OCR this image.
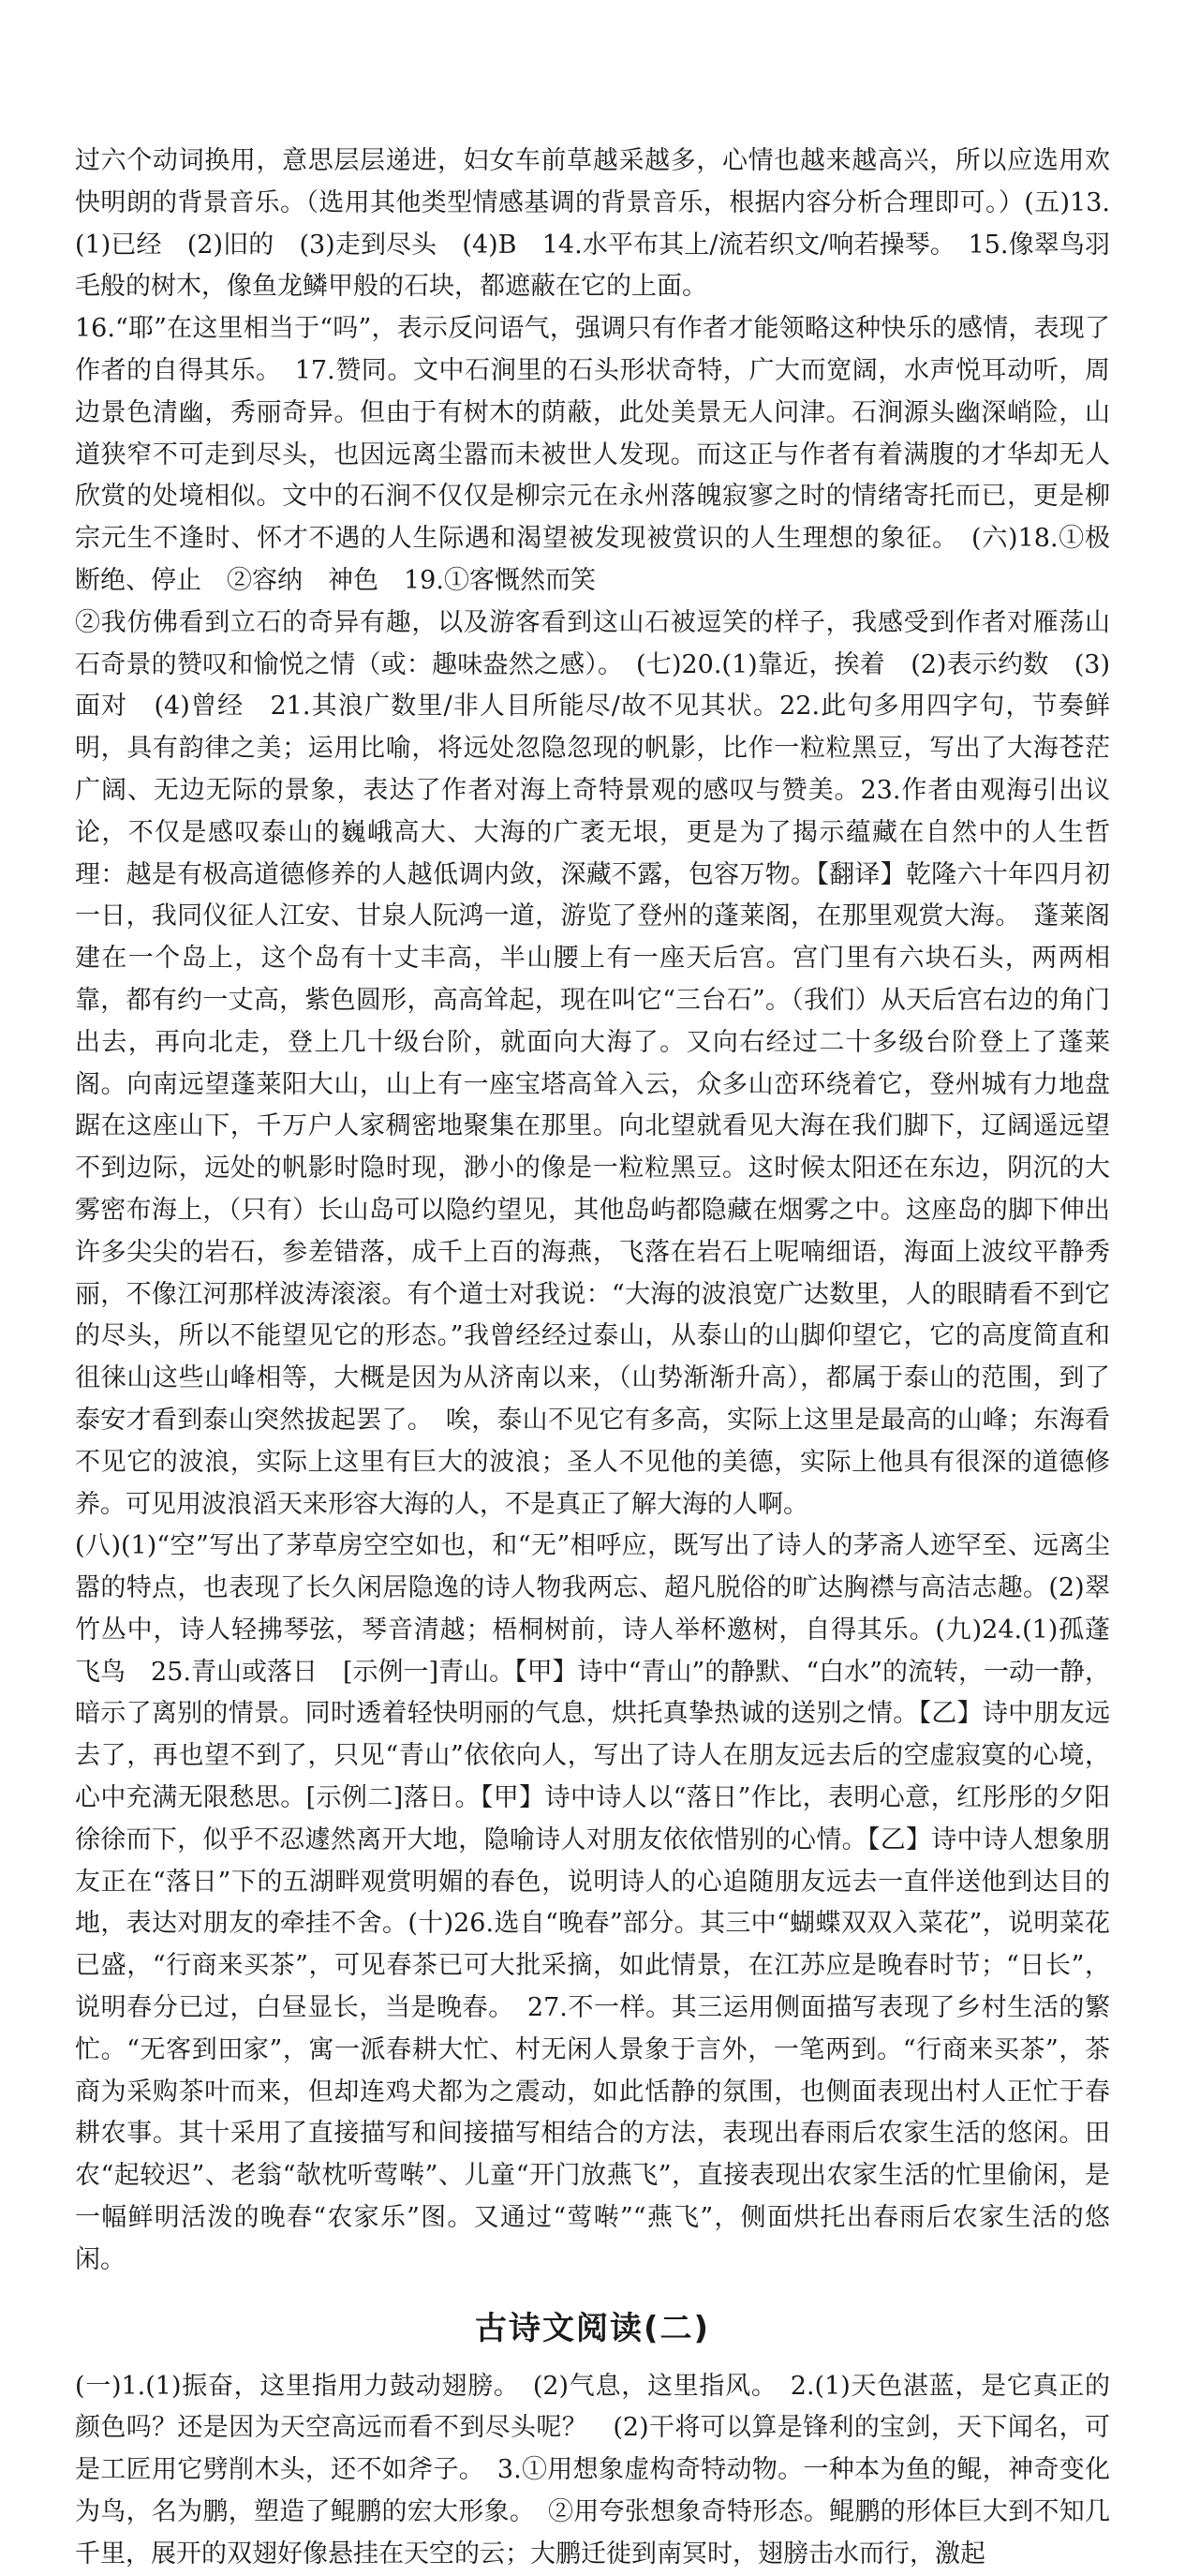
过六个动词换用，意思层层递进，妇女车前草越采越多，心情也越来越高兴，所以应选用欢快明朗的背景音乐。（选用其他类型情感基调的背景音乐，根据内容分析合理即可。）(五)13.(1)已经　(2)旧的　(3)走到尽头　(4)B　14.水平布其上/流若织文/响若操琴。　15.像翠鸟羽毛般的树木，像鱼龙鳞甲般的石块，都遮蔽在它的上面。

16.“耶”在这里相当于“吗”，表示反问语气，强调只有作者才能领略这种快乐的感情，表现了作者的自得其乐。　17.赞同。文中石涧里的石头形状奇特，广大而宽阔，水声悦耳动听，周边景色清幽，秀丽奇异。但由于有树木的荫蔽，此处美景无人问津。石涧源头幽深峭险，山道狭窄不可走到尽头，也因远离尘嚣而未被世人发现。而这正与作者有着满腹的才华却无人欣赏的处境相似。文中的石涧不仅仅是柳宗元在永州落魄寂寥之时的情绪寄托而已，更是柳宗元生不逢时、怀才不遇的人生际遇和渴望被发现被赏识的人生理想的象征。　(六)18.①极　断绝、停止　②容纳　神色　19.①客慨然而笑

②我仿佛看到立石的奇异有趣，以及游客看到这山石被逗笑的样子，我感受到作者对雁荡山石奇景的赞叹和愉悦之情（或：趣味盎然之感）。　(七)20.(1)靠近，挨着　(2)表示约数　(3)面对　(4)曾经　21.其浪广数里/非人目所能尽/故不见其状。22.此句多用四字句，节奏鲜明，具有韵律之美；运用比喻，将远处忽隐忽现的帆影，比作一粒粒黑豆，写出了大海苍茫广阔、无边无际的景象，表达了作者对海上奇特景观的感叹与赞美。23.作者由观海引出议论，不仅是感叹泰山的巍峨高大、大海的广袤无垠，更是为了揭示蕴藏在自然中的人生哲理：越是有极高道德修养的人越低调内敛，深藏不露，包容万物。【翻译】乾隆六十年四月初一日，我同仪征人江安、甘泉人阮鸿一道，游览了登州的蓬莱阁，在那里观赏大海。　蓬莱阁建在一个岛上，这个岛有十丈丰高，半山腰上有一座天后宫。宫门里有六块石头，两两相靠，都有约一丈高，紫色圆形，高高耸起，现在叫它“三台石”。（我们）从天后宫右边的角门出去，再向北走，登上几十级台阶，就面向大海了。又向右经过二十多级台阶登上了蓬莱阁。向南远望蓬莱阳大山，山上有一座宝塔高耸入云，众多山峦环绕着它，登州城有力地盘踞在这座山下，千万户人家稠密地聚集在那里。向北望就看见大海在我们脚下，辽阔遥远望不到边际，远处的帆影时隐时现，渺小的像是一粒粒黑豆。这时候太阳还在东边，阴沉的大雾密布海上，（只有）长山岛可以隐约望见，其他岛屿都隐藏在烟雾之中。这座岛的脚下伸出许多尖尖的岩石，参差错落，成千上百的海燕，飞落在岩石上呢喃细语，海面上波纹平静秀丽，不像江河那样波涛滚滚。有个道士对我说：“大海的波浪宽广达数里，人的眼睛看不到它的尽头，所以不能望见它的形态。”我曾经经过泰山，从泰山的山脚仰望它，它的高度简直和徂徕山这些山峰相等，大概是因为从济南以来，（山势渐渐升高），都属于泰山的范围，到了泰安才看到泰山突然拔起罢了。　唉，泰山不见它有多高，实际上这里是最高的山峰；东海看不见它的波浪，实际上这里有巨大的波浪；圣人不见他的美德，实际上他具有很深的道德修养。可见用波浪滔天来形容大海的人，不是真正了解大海的人啊。

(八)(1)“空”写出了茅草房空空如也，和“无”相呼应，既写出了诗人的茅斋人迹罕至、远离尘嚣的特点，也表现了长久闲居隐逸的诗人物我两忘、超凡脱俗的旷达胸襟与高洁志趣。(2)翠竹丛中，诗人轻拂琴弦，琴音清越；梧桐树前，诗人举杯邀树，自得其乐。(九)24.(1)孤蓬　飞鸟　25.青山或落日　[示例一]青山。【甲】诗中“青山”的静默、“白水”的流转，一动一静，暗示了离别的情景。同时透着轻快明丽的气息，烘托真挚热诚的送别之情。【乙】诗中朋友远去了，再也望不到了，只见“青山”依依向人，写出了诗人在朋友远去后的空虚寂寞的心境，心中充满无限愁思。[示例二]落日。【甲】诗中诗人以“落日”作比，表明心意，红彤彤的夕阳徐徐而下，似乎不忍遽然离开大地，隐喻诗人对朋友依依惜别的心情。【乙】诗中诗人想象朋友正在“落日”下的五湖畔观赏明媚的春色，说明诗人的心追随朋友远去一直伴送他到达目的地，表达对朋友的牵挂不舍。(十)26.选自“晚春”部分。其三中“蝴蝶双双入菜花”，说明菜花已盛，“行商来买茶”，可见春茶已可大批采摘，如此情景，在江苏应是晚春时节；“日长”，说明春分已过，白昼显长，当是晚春。　27.不一样。其三运用侧面描写表现了乡村生活的繁忙。“无客到田家”，寓一派春耕大忙、村无闲人景象于言外，一笔两到。“行商来买茶”，茶商为采购茶叶而来，但却连鸡犬都为之震动，如此恬静的氛围，也侧面表现出村人正忙于春耕农事。其十采用了直接描写和间接描写相结合的方法，表现出春雨后农家生活的悠闲。田农“起较迟”、老翁“欹枕听莺啭”、儿童“开门放燕飞”，直接表现出农家生活的忙里偷闲，是一幅鲜明活泼的晚春“农家乐”图。又通过“莺啭”“燕飞”，侧面烘托出春雨后农家生活的悠闲。

古诗文阅读(二)

(一)1.(1)振奋，这里指用力鼓动翅膀。　(2)气息，这里指风。　2.(1)天色湛蓝，是它真正的颜色吗？还是因为天空高远而看不到尽头呢？　(2)干将可以算是锋利的宝剑，天下闻名，可是工匠用它劈削木头，还不如斧子。　3.①用想象虚构奇特动物。一种本为鱼的鲲，神奇变化为鸟，名为鹏，塑造了鲲鹏的宏大形象。　②用夸张想象奇特形态。鲲鹏的形体巨大到不知几千里，展开的双翅好像悬挂在天空的云；大鹏迁徙到南冥时，翅膀击水而行，激起
